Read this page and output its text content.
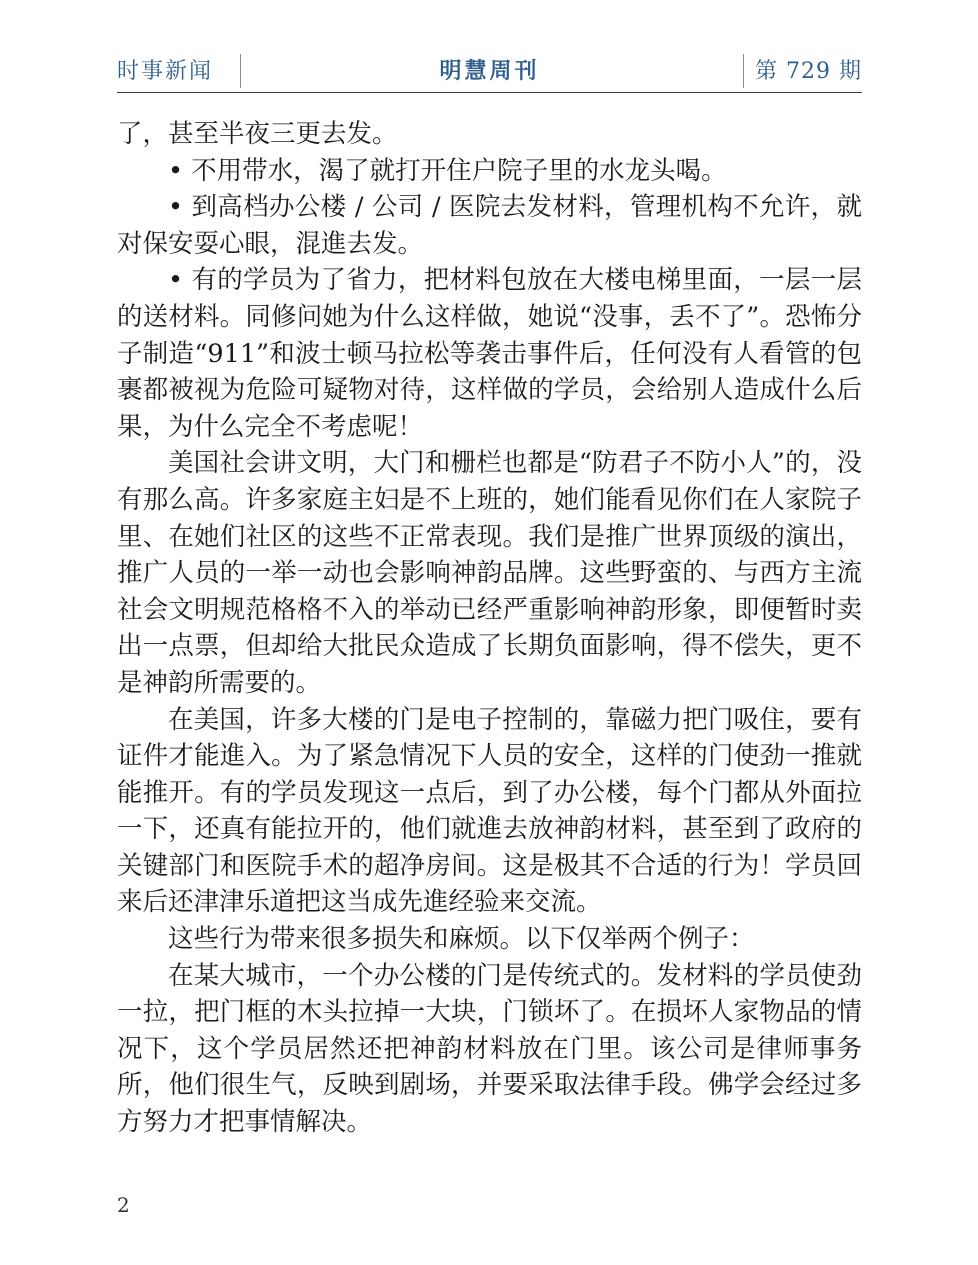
时事新闻	明慧周刊	第 729 期

了，甚至半夜三更去发。

• 不用带水，渴了就打开住户院子里的水龙头喝。

• 到高档办公楼 / 公司 / 医院去发材料，管理机构不允许，就对保安耍心眼，混進去发。

• 有的学员为了省力，把材料包放在大楼电梯里面，一层一层的送材料。同修问她为什么这样做，她说“没事，丢不了”。恐怖分子制造“911”和波士顿马拉松等袭击事件后，任何没有人看管的包裹都被视为危险可疑物对待，这样做的学员，会给别人造成什么后果，为什么完全不考虑呢！

美国社会讲文明，大门和栅栏也都是“防君子不防小人”的，没有那么高。许多家庭主妇是不上班的，她们能看见你们在人家院子里、在她们社区的这些不正常表现。我们是推广世界顶级的演出，推广人员的一举一动也会影响神韵品牌。这些野蛮的、与西方主流社会文明规范格格不入的举动已经严重影响神韵形象，即便暂时卖出一点票，但却给大批民众造成了长期负面影响，得不偿失，更不是神韵所需要的。

在美国，许多大楼的门是电子控制的，靠磁力把门吸住，要有证件才能進入。为了紧急情况下人员的安全，这样的门使劲一推就能推开。有的学员发现这一点后，到了办公楼，每个门都从外面拉一下，还真有能拉开的，他们就進去放神韵材料，甚至到了政府的关键部门和医院手术的超净房间。这是极其不合适的行为！学员回来后还津津乐道把这当成先進经验来交流。

这些行为带来很多损失和麻烦。以下仅举两个例子：

在某大城市，一个办公楼的门是传统式的。发材料的学员使劲一拉，把门框的木头拉掉一大块，门锁坏了。在损坏人家物品的情况下，这个学员居然还把神韵材料放在门里。该公司是律师事务所，他们很生气，反映到剧场，并要采取法律手段。佛学会经过多方努力才把事情解决。

2
